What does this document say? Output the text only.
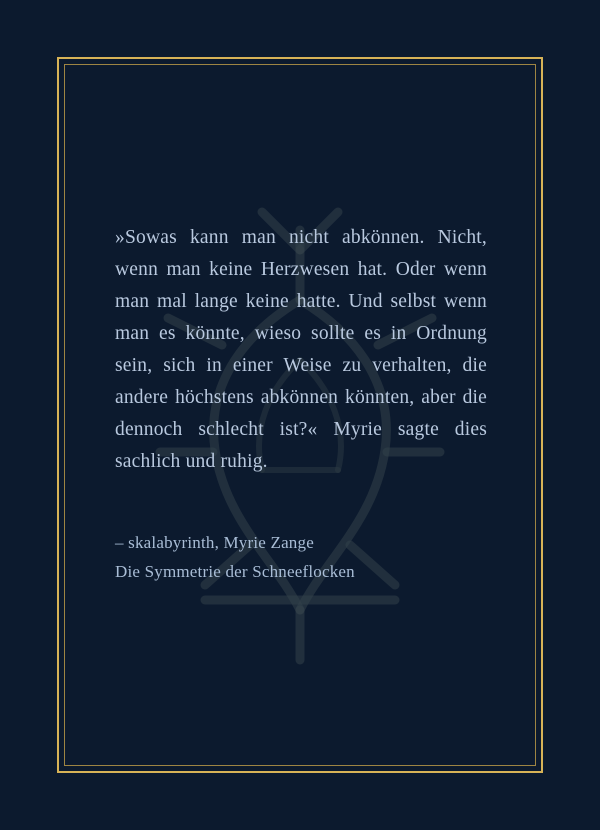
»Sowas kann man nicht abkönnen. Nicht, wenn man keine Herzwesen hat. Oder wenn man mal lange keine hatte. Und selbst wenn man es könnte, wieso sollte es in Ordnung sein, sich in einer Weise zu verhalten, die andere höchstens abkönnen könnten, aber die dennoch schlecht ist?« Myrie sagte dies sachlich und ruhig.

– skalabyrinth, Myrie Zange
Die Symmetrie der Schneeflocken
